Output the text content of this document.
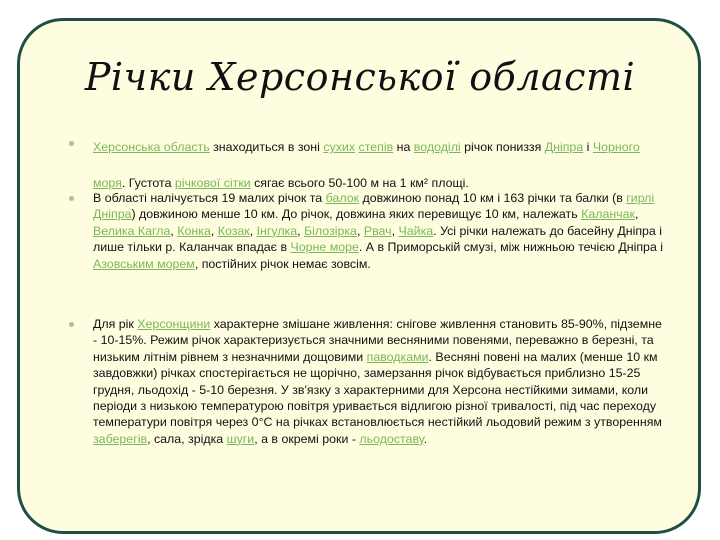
Річки Херсонської області
Херсонська область знаходиться в зоні сухих степів на вододілі річок пониззя Дніпра і Чорного моря. Густота річкової сітки сягає всього 50-100 м на 1 км² площі.
В області налічується 19 малих річок та балок довжиною понад 10 км і 163 річки та балки (в гирлі Дніпра) довжиною менше 10 км. До річок, довжина яких перевищує 10 км, належать Каланчак, Велика Кагла, Конка, Козак, Інгулка, Білозірка, Рвач, Чайка. Усі річки належать до басейну Дніпра і лише тільки р. Каланчак впадає в Чорне море. А в Приморській смузі, між нижньою течією Дніпра і Азовським морем, постійних річок немає зовсім.
Для рік Херсонщини характерне змішане живлення: снігове живлення становить 85-90%, підземне - 10-15%. Режим річок характеризується значними весняними повенями, переважно в березні, та низьким літнім рівнем з незначними дощовими паводками. Весняні повені на малих (менше 10 км завдовжки) річках спостерігається не щорічно, замерзання річок відбувається приблизно 15-25 грудня, льодохід - 5-10 березня. У зв'язку з характерними для Херсона нестійкими зимами, коли періоди з низькою температурою повітря уривається відлигою різної тривалості, під час переходу температури повітря через 0°C на річках встановлюється нестійкий льодовий режим з утворенням заберегів, сала, зрідка шуги, а в окремі роки - льодоставу.
